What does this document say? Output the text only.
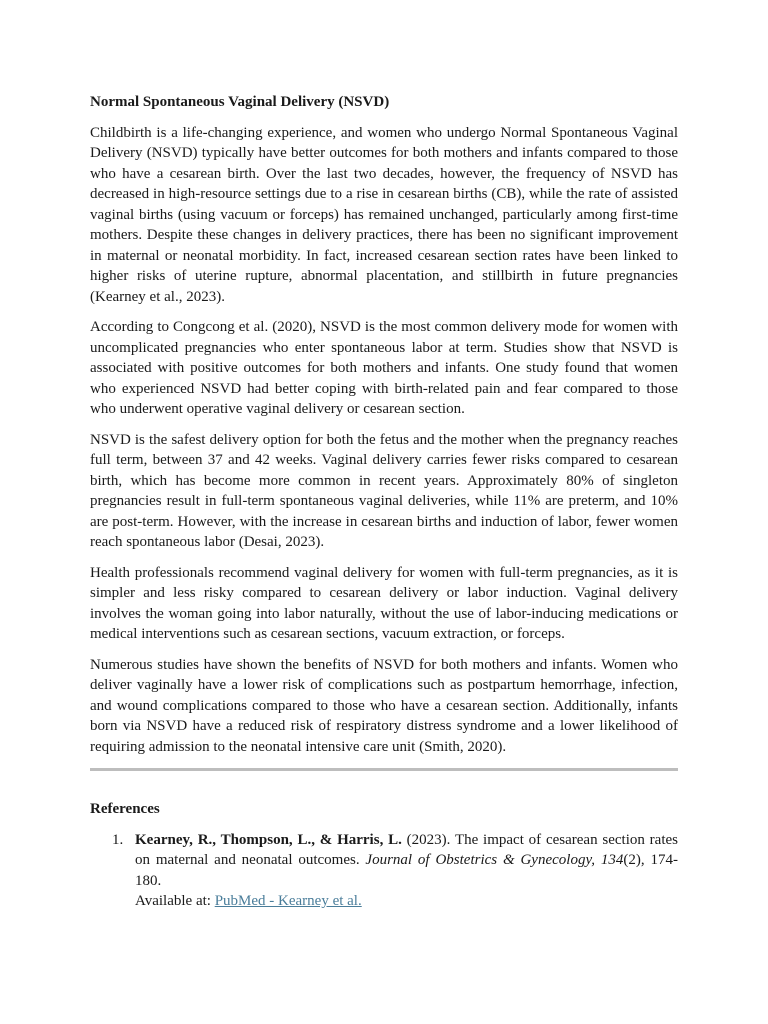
Normal Spontaneous Vaginal Delivery (NSVD)

Childbirth is a life-changing experience, and women who undergo Normal Spontaneous Vaginal Delivery (NSVD) typically have better outcomes for both mothers and infants compared to those who have a cesarean birth. Over the last two decades, however, the frequency of NSVD has decreased in high-resource settings due to a rise in cesarean births (CB), while the rate of assisted vaginal births (using vacuum or forceps) has remained unchanged, particularly among first-time mothers. Despite these changes in delivery practices, there has been no significant improvement in maternal or neonatal morbidity. In fact, increased cesarean section rates have been linked to higher risks of uterine rupture, abnormal placentation, and stillbirth in future pregnancies (Kearney et al., 2023).

According to Congcong et al. (2020), NSVD is the most common delivery mode for women with uncomplicated pregnancies who enter spontaneous labor at term. Studies show that NSVD is associated with positive outcomes for both mothers and infants. One study found that women who experienced NSVD had better coping with birth-related pain and fear compared to those who underwent operative vaginal delivery or cesarean section.

NSVD is the safest delivery option for both the fetus and the mother when the pregnancy reaches full term, between 37 and 42 weeks. Vaginal delivery carries fewer risks compared to cesarean birth, which has become more common in recent years. Approximately 80% of singleton pregnancies result in full-term spontaneous vaginal deliveries, while 11% are preterm, and 10% are post-term. However, with the increase in cesarean births and induction of labor, fewer women reach spontaneous labor (Desai, 2023).

Health professionals recommend vaginal delivery for women with full-term pregnancies, as it is simpler and less risky compared to cesarean delivery or labor induction. Vaginal delivery involves the woman going into labor naturally, without the use of labor-inducing medications or medical interventions such as cesarean sections, vacuum extraction, or forceps.

Numerous studies have shown the benefits of NSVD for both mothers and infants. Women who deliver vaginally have a lower risk of complications such as postpartum hemorrhage, infection, and wound complications compared to those who have a cesarean section. Additionally, infants born via NSVD have a reduced risk of respiratory distress syndrome and a lower likelihood of requiring admission to the neonatal intensive care unit (Smith, 2020).

References
1. Kearney, R., Thompson, L., & Harris, L. (2023). The impact of cesarean section rates on maternal and neonatal outcomes. Journal of Obstetrics & Gynecology, 134(2), 174-180.
Available at: PubMed - Kearney et al.
